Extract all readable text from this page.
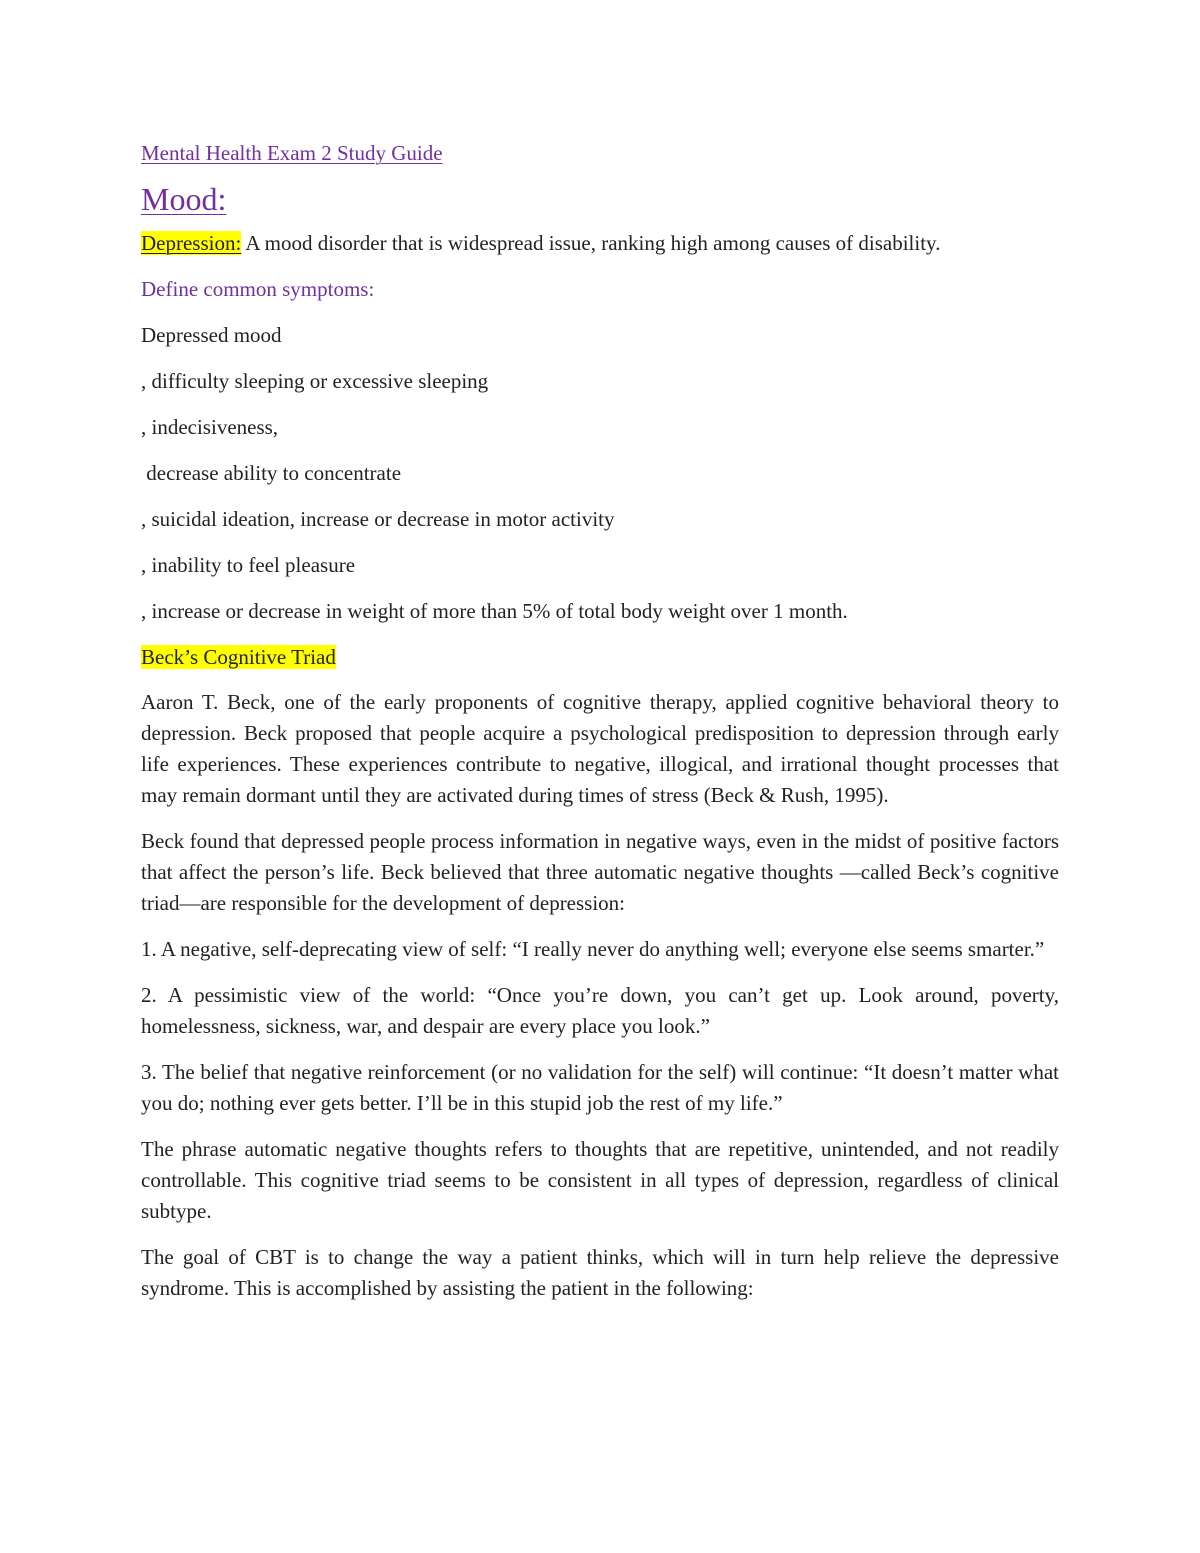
Mental Health Exam 2 Study Guide
Mood:

Depression: A mood disorder that is widespread issue, ranking high among causes of disability.

Define common symptoms:

Depressed mood

, difficulty sleeping or excessive sleeping

, indecisiveness,

decrease ability to concentrate

, suicidal ideation, increase or decrease in motor activity

, inability to feel pleasure

, increase or decrease in weight of more than 5% of total body weight over 1 month.

Beck’s Cognitive Triad

Aaron T. Beck, one of the early proponents of cognitive therapy, applied cognitive behavioral theory to depression. Beck proposed that people acquire a psychological predisposition to depression through early life experiences. These experiences contribute to negative, illogical, and irrational thought processes that may remain dormant until they are activated during times of stress (Beck & Rush, 1995).

Beck found that depressed people process information in negative ways, even in the midst of positive factors that affect the person’s life. Beck believed that three automatic negative thoughts —called Beck’s cognitive triad—are responsible for the development of depression:

1. A negative, self-deprecating view of self: “I really never do anything well; everyone else seems smarter.”

2. A pessimistic view of the world: “Once you’re down, you can’t get up. Look around, poverty, homelessness, sickness, war, and despair are every place you look.”

3. The belief that negative reinforcement (or no validation for the self) will continue: “It doesn’t matter what you do; nothing ever gets better. I’ll be in this stupid job the rest of my life.”

The phrase automatic negative thoughts refers to thoughts that are repetitive, unintended, and not readily controllable. This cognitive triad seems to be consistent in all types of depression, regardless of clinical subtype.

The goal of CBT is to change the way a patient thinks, which will in turn help relieve the depressive syndrome. This is accomplished by assisting the patient in the following:
